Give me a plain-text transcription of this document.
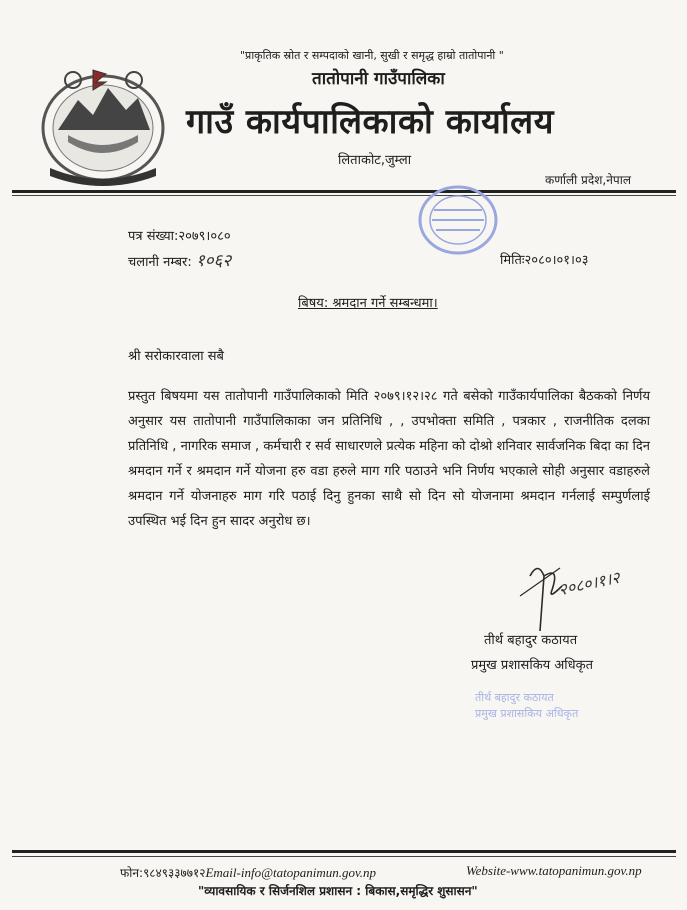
"प्राकृतिक स्रोत र सम्पदाको खानी, सुखी र समृद्ध हाम्रो तातोपानी "
तातोपानी गाउँपालिका
गाउँ कार्यपालिकाको कार्यालय
लिताकोट,जुम्ला
कर्णाली प्रदेश,नेपाल
पत्र संख्या:२०७९।०८०
चलानी नम्बर: १०६२	मितिः२०८०।०१।०३
बिषय: श्रमदान गर्ने सम्बन्धमा।
श्री सरोकारवाला सबै
प्रस्तुत बिषयमा यस तातोपानी गाउँपालिकाको मिति २०७९।१२।२८ गते बसेको गाउँकार्यपालिका बैठकको निर्णय अनुसार यस तातोपानी गाउँपालिकाका जन प्रतिनिधि , , उपभोक्ता समिति , पत्रकार , राजनीतिक दलका प्रतिनिधि , नागरिक समाज , कर्मचारी र सर्व साधारणले प्रत्येक महिना को दोश्रो शनिवार सार्वजनिक बिदा का दिन श्रमदान गर्ने र श्रमदान गर्ने योजना हरु वडा हरुले माग गरि पठाउने भनि निर्णय भएकाले सोही अनुसार वडाहरुले श्रमदान गर्ने योजनाहरु माग गरि पठाई दिनु हुनका साथै सो दिन सो योजनामा श्रमदान गर्नलाई सम्पुर्णलाई उपस्थित भई दिन हुन सादर अनुरोध छ।
२०८०।१।२
तीर्थ बहादुर कठायत
प्रमुख प्रशासकिय अधिकृत
तीर्थ बहादुर कठायत
प्रमुख प्रशासकिय अधिकृत
फोन:९८४९३३७७१२Email-info@tatopanimun.gov.np	Website-www.tatopanimun.gov.np
"व्यावसायिक र सिर्जनशिल प्रशासन : बिकास,समृद्धिर शुसासन"
